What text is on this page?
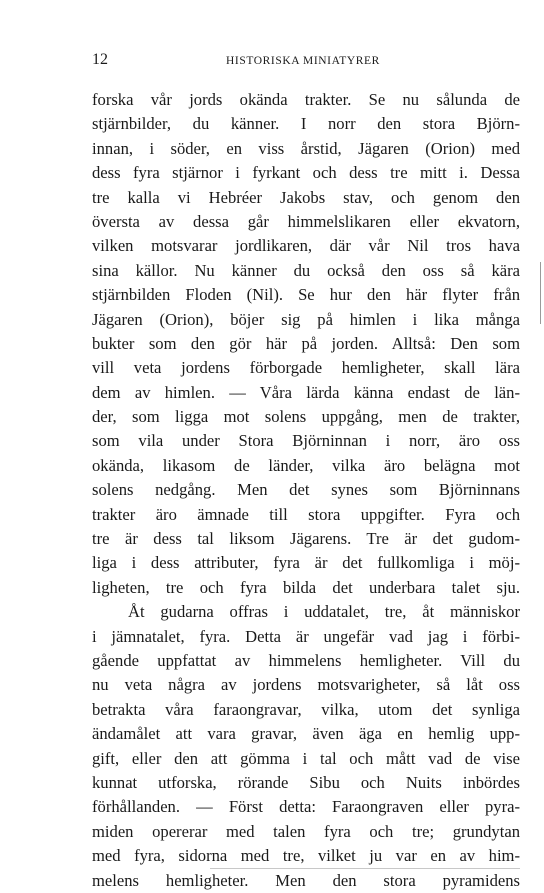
12	HISTORISKA MINIATYRER
forska vår jords okända trakter. Se nu sålunda de
stjärnbilder, du känner. I norr den stora Björn-
innan, i söder, en viss årstid, Jägaren (Orion) med
dess fyra stjärnor i fyrkant och dess tre mitt i. Dessa
tre kalla vi Hebréer Jakobs stav, och genom den
översta av dessa går himmelslikaren eller ekvatorn,
vilken motsvarar jordlikaren, där vår Nil tros hava
sina källor. Nu känner du också den oss så kära
stjärnbilden Floden (Nil). Se hur den här flyter från
Jägaren (Orion), böjer sig på himlen i lika många
bukter som den gör här på jorden. Alltså: Den som
vill veta jordens förborgade hemligheter, skall lära
dem av himlen. — Våra lärda känna endast de län-
der, som ligga mot solens uppgång, men de trakter,
som vila under Stora Björninnan i norr, äro oss
okända, likasom de länder, vilka äro belägna mot
solens nedgång. Men det synes som Björninnans
trakter äro ämnade till stora uppgifter. Fyra och
tre är dess tal liksom Jägarens. Tre är det gudom-
liga i dess attributer, fyra är det fullkomliga i möj-
ligheten, tre och fyra bilda det underbara talet sju.
Åt gudarna offras i uddatalet, tre, åt människor
i jämnatalet, fyra. Detta är ungefär vad jag i förbi-
gående uppfattat av himmelens hemligheter. Vill du
nu veta några av jordens motsvarigheter, så låt oss
betrakta våra faraongravar, vilka, utom det synliga
ändamålet att vara gravar, även äga en hemlig upp-
gift, eller den att gömma i tal och mått vad de vise
kunnat utforska, rörande Sibu och Nuits inbördes
förhållanden. — Först detta: Faraongraven eller pyra-
miden opererar med talen fyra och tre; grundytan
med fyra, sidorna med tre, vilket ju var en av him-
melens hemligheter. Men den stora pyramidens
